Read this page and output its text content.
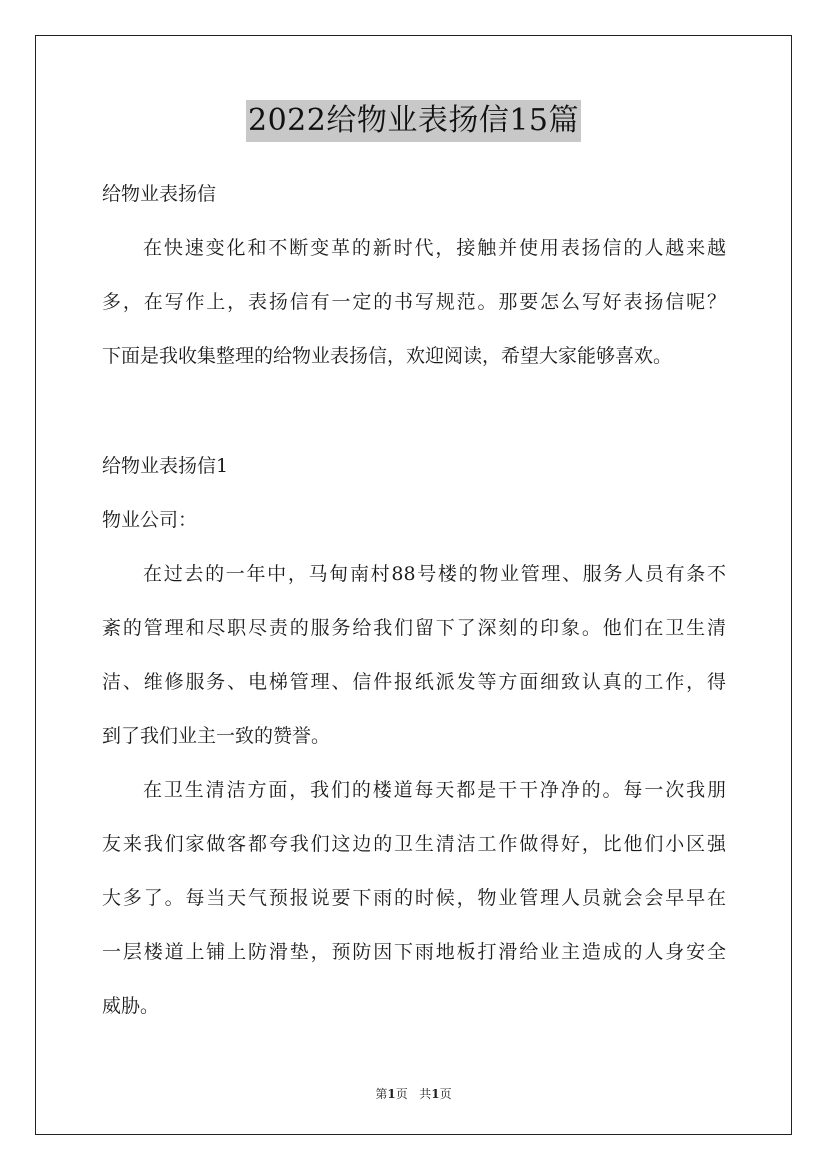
2022给物业表扬信15篇
给物业表扬信
在快速变化和不断变革的新时代，接触并使用表扬信的人越来越
多，在写作上，表扬信有一定的书写规范。那要怎么写好表扬信呢？
下面是我收集整理的给物业表扬信，欢迎阅读，希望大家能够喜欢。
给物业表扬信1
物业公司：
在过去的一年中，马甸南村88号楼的物业管理、服务人员有条不
紊的管理和尽职尽责的服务给我们留下了深刻的印象。他们在卫生清
洁、维修服务、电梯管理、信件报纸派发等方面细致认真的工作，得
到了我们业主一致的赞誉。
在卫生清洁方面，我们的楼道每天都是干干净净的。每一次我朋
友来我们家做客都夸我们这边的卫生清洁工作做得好，比他们小区强
大多了。每当天气预报说要下雨的时候，物业管理人员就会会早早在
一层楼道上铺上防滑垫，预防因下雨地板打滑给业主造成的人身安全
威胁。
第1页 共1页
